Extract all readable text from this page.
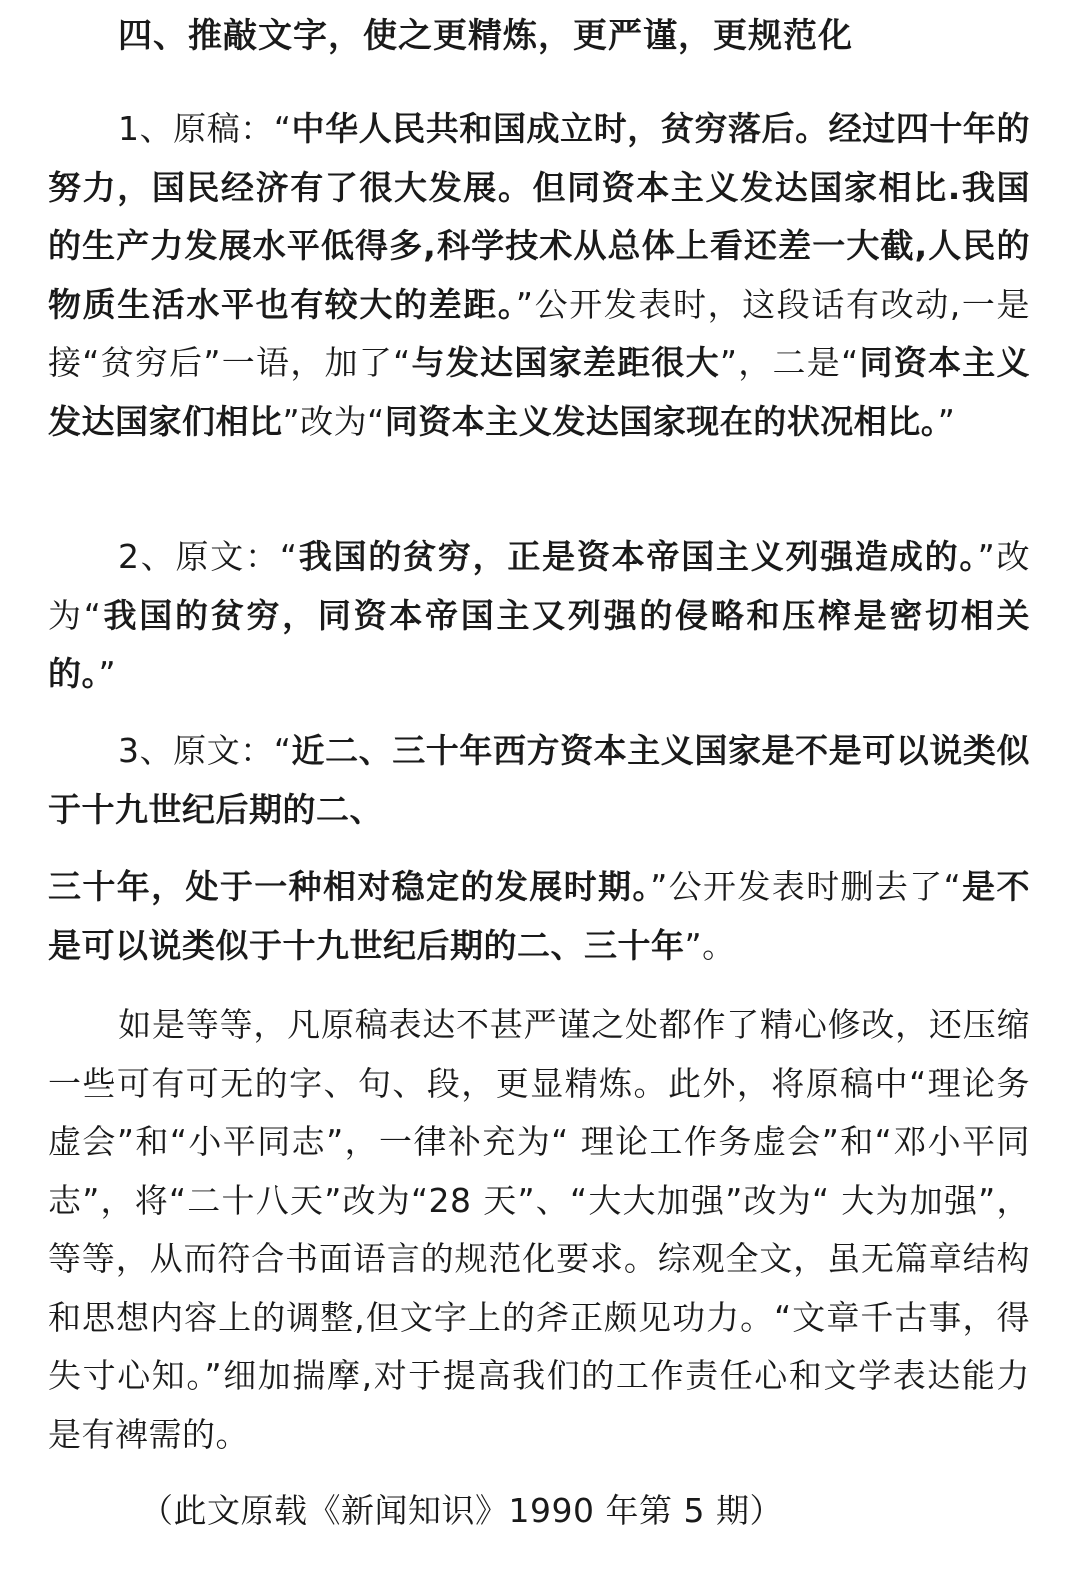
四、推敲文字，使之更精炼，更严谨，更规范化
1、原稿：“中华人民共和国成立时，贫穷落后。经过四十年的努力，国民经济有了很大发展。但同资本主义发达国家相比.我国的生产力发展水平低得多,科学技术从总体上看还差一大截,人民的物质生活水平也有较大的差距。”公开发表时，这段话有改动,一是接“贫穷后”一语，加了“与发达国家差距很大”，二是“同资本主义发达国家们相比”改为“同资本主义发达国家现在的状况相比。”
2、原文：“我国的贫穷，正是资本帝国主义列强造成的。”改为“我国的贫穷，同资本帝国主又列强的侵略和压榨是密切相关的。”
3、原文：“近二、三十年西方资本主义国家是不是可以说类似于十九世纪后期的二、
三十年，处于一种相对稳定的发展时期。”公开发表时删去了“是不是可以说类似于十九世纪后期的二、三十年”。
如是等等，凡原稿表达不甚严谨之处都作了精心修改，还压缩一些可有可无的字、句、段，更显精炼。此外，将原稿中“理论务虚会”和“小平同志”，一律补充为“ 理论工作务虚会”和“邓小平同志”，将“二十八天”改为“28 天”、“大大加强”改为“ 大为加强”， 等等，从而符合书面语言的规范化要求。综观全文，虽无篇章结构和思想内容上的调整,但文字上的斧正颇见功力。“文章千古事，得失寸心知。”细加揣摩,对于提高我们的工作责任心和文学表达能力是有裨需的。
（此文原载《新闻知识》1990 年第 5 期）
